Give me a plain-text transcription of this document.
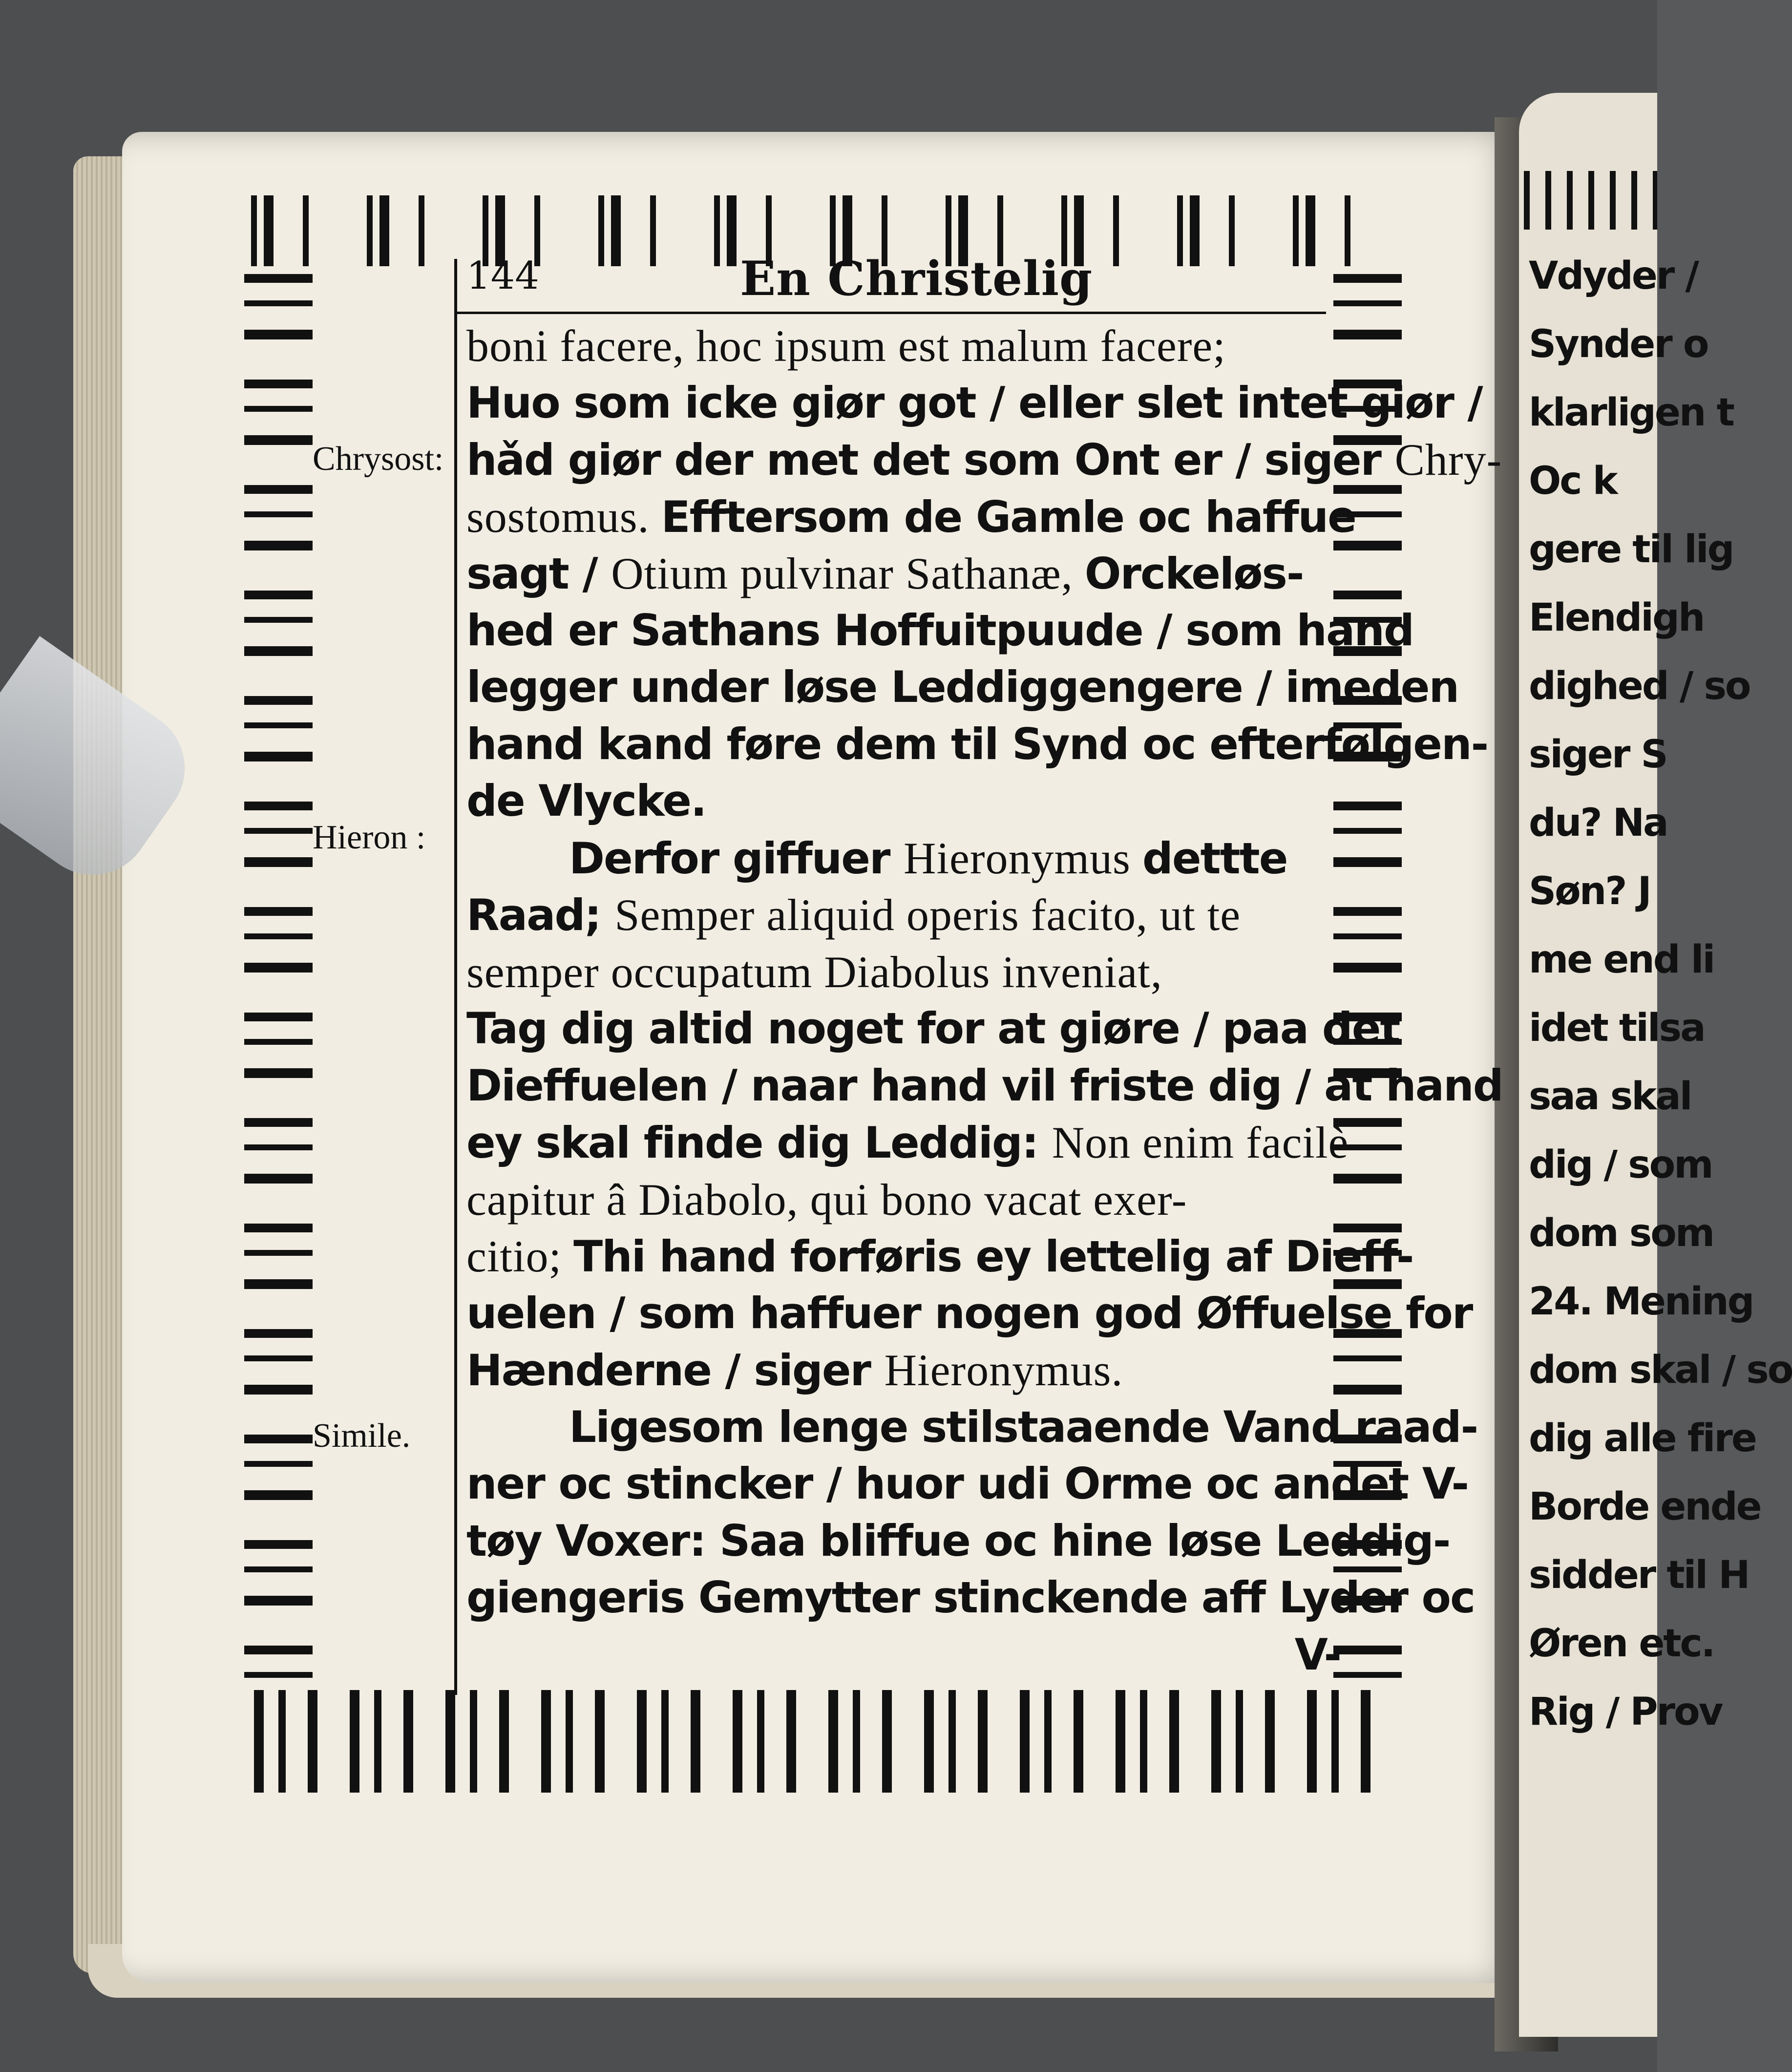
Vdyder /
Synder o
klarligen t
Oc k
gere til lig
Elendigh
dighed / so
siger S
du? Na
Søn? J
me end li
idet tilsa
saa skal
dig / som
dom som
24. Mening
dom skal / so
dig alle fire
Borde ende
sidder til H
Øren etc.
Rig / Prov
144	En Christelig
Chrysost:
Hieron :
Simile.
boni facere, hoc ipsum est malum facere;
Huo som icke giør got / eller slet intet giør /
hǎd giør der met det som Ont er / siger Chry-
sostomus. Efftersom de Gamle oc haffue
sagt / Otium pulvinar Sathanæ, Orckeløs-
hed er Sathans Hoffuitpuude / som hand
legger under løse Leddiggengere / imeden
hand kand føre dem til Synd oc efterfølgen-
de Vlycke.
Derfor giffuer Hieronymus dettte
Raad; Semper aliquid operis facito, ut te
semper occupatum Diabolus inveniat,
Tag dig altid noget for at giøre / paa det
Dieffuelen / naar hand vil friste dig / at hand
ey skal finde dig Leddig: Non enim facilè
capitur â Diabolo, qui bono vacat exer-
citio; Thi hand forføris ey lettelig af Dieff-
uelen / som haffuer nogen god Øffuelse for
Hænderne / siger Hieronymus.
Ligesom lenge stilstaaende Vand raad-
ner oc stincker / huor udi Orme oc andet V-
tøy Voxer: Saa bliffue oc hine løse Leddig-
giengeris Gemytter stinckende aff Lyder oc
V-
